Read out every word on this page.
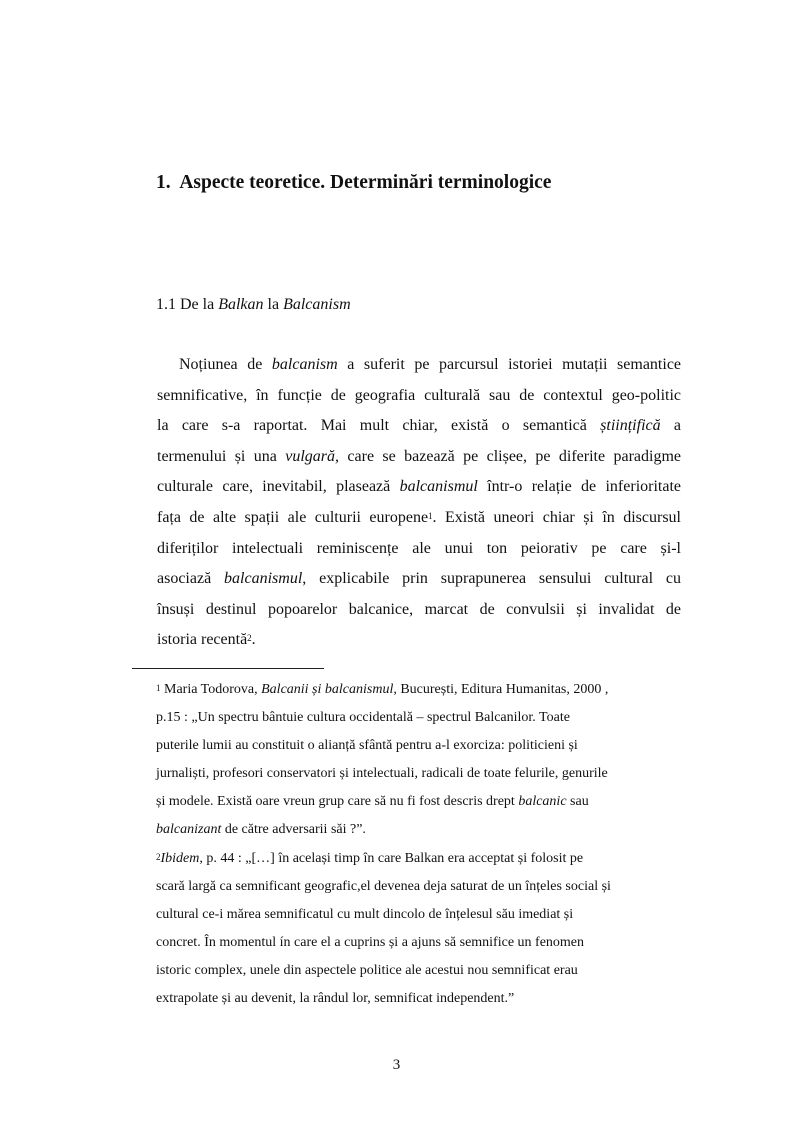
1. Aspecte teoretice. Determinări terminologice
1.1 De la Balkan la Balcanism
Noțiunea de balcanism a suferit pe parcursul istoriei mutații semantice
semnificative, în funcție de geografia culturală sau de contextul geo-politic
la care s-a raportat. Mai mult chiar, există o semantică științifică a
termenului și una vulgară, care se bazează pe clișee, pe diferite paradigme
culturale care, inevitabil, plasează balcanismul într-o relație de inferioritate
fața de alte spații ale culturii europene$^1$. Există uneori chiar și în discursul
diferiților intelectuali reminiscențe ale unui ton peiorativ pe care și-l
asociază balcanismul, explicabile prin suprapunerea sensului cultural cu
însuși destinul popoarelor balcanice, marcat de convulsii și invalidat de
istoria recentă$^2$.
$^1$ Maria Todorova, Balcanii și balcanismul, București, Editura Humanitas, 2000 ,
p.15 : „Un spectru bântuie cultura occidentală – spectrul Balcanilor. Toate
puterile lumii au constituit o alianță sfântă pentru a-l exorciza: politicieni și
jurnaliști, profesori conservatori și intelectuali, radicali de toate felurile, genurile
și modele. Există oare vreun grup care să nu fi fost descris drept balcanic sau
balcanizant de către adversarii săi ?”.
$^2$Ibidem, p. 44 : „[…] în același timp în care Balkan era acceptat și folosit pe
scară largă ca semnificant geografic,el devenea deja saturat de un înțeles social și
cultural ce-i mărea semnificatul cu mult dincolo de înțelesul său imediat și
concret. În momentul ín care el a cuprins și a ajuns să semnifice un fenomen
istoric complex, unele din aspectele politice ale acestui nou semnificat erau
extrapolate și au devenit, la rândul lor, semnificat independent.”
3
